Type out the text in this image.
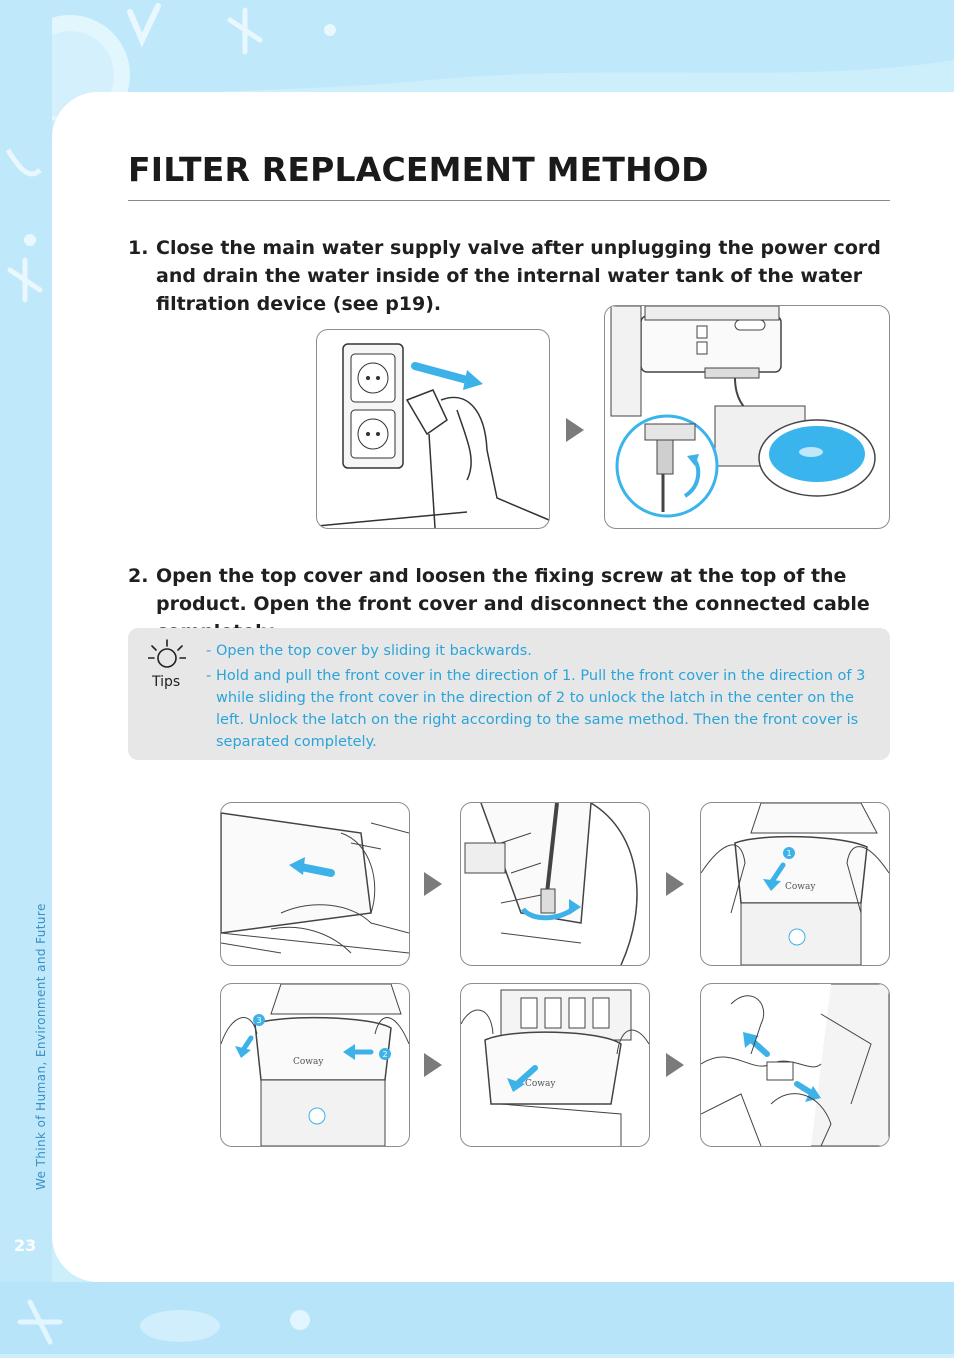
We Think of Human, Environment and Future
23
FILTER REPLACEMENT METHOD
1. Close the main water supply valve after unplugging the power cord and drain the water inside of the internal water tank of the water filtration device (see p19).
2. Open the top cover and loosen the fixing screw at the top of the product. Open the front cover and disconnect the connected cable
Tips
- Open the top cover by sliding it backwards.
- Hold and pull the front cover in the direction of 1. Pull the front cover in the direction of 3 while sliding the front cover in the direction of 2 to unlock the latch in the center on the left. Unlock the latch on the right according to the same method. Then the front cover is separated completely.
Coway
1
Coway
3
2
Coway
